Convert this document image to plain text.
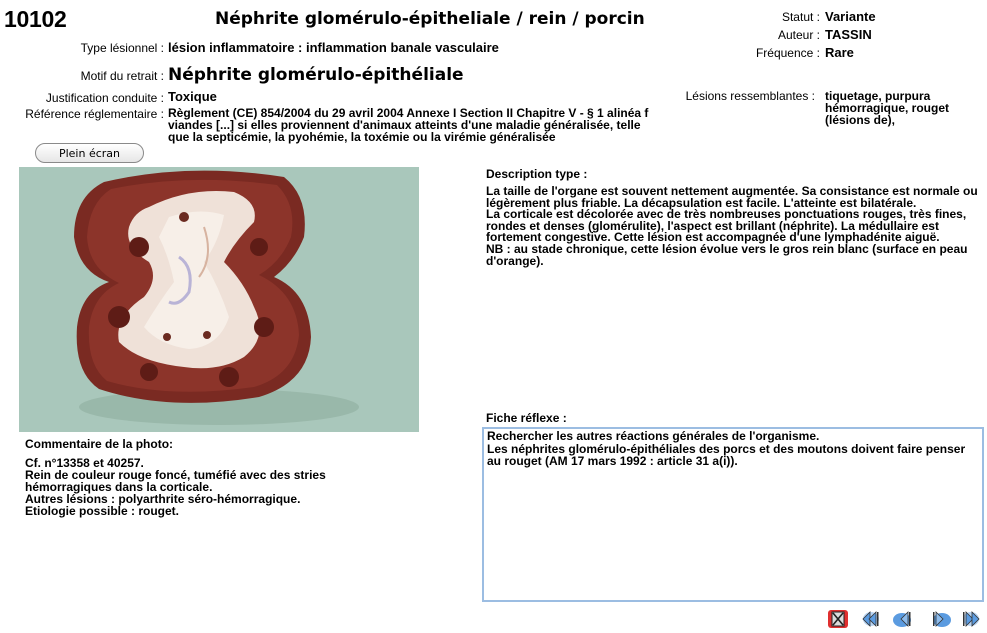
10102	Néphrite glomérulo-épitheliale / rein / porcin	Statut : Variante
Auteur : TASSIN
Fréquence : Rare
Type lésionnel : lésion inflammatoire : inflammation banale vasculaire
Motif du retrait : Néphrite glomérulo-épithéliale
Justification conduite : Toxique
Référence réglementaire : Règlement (CE) 854/2004 du 29 avril 2004 Annexe I Section II Chapitre V - § 1 alinéa f
viandes [...] si elles proviennent d'animaux atteints d'une maladie généralisée, telle
que la septicémie, la pyohémie, la toxémie ou la virémie généralisée
Lésions ressemblantes : tiquetage, purpura
hémorragique, rouget
(lésions de),
Plein écran
Commentaire de la photo:
Cf. n°13358 et 40257.
Rein de couleur rouge foncé, tuméfié avec des stries
hémorragiques dans la corticale.
Autres lésions : polyarthrite séro-hémorragique.
Etiologie possible : rouget.
Description type :
La taille de l'organe est souvent nettement augmentée. Sa consistance est normale ou
légèrement plus friable. La décapsulation est facile. L'atteinte est bilatérale.
La corticale est décolorée avec de très nombreuses ponctuations rouges, très fines,
rondes et denses (glomérulite), l'aspect est brillant (néphrite). La médullaire est
fortement congestive. Cette lésion est accompagnée d'une lymphadénite aiguë.
NB : au stade chronique, cette lésion évolue vers le gros rein blanc (surface en peau
d'orange).
Fiche réflexe :
Rechercher les autres réactions générales de l'organisme. Les néphrites glomérulo-épithéliales des porcs et des moutons doivent faire penser au rouget (AM 17 mars 1992 : article 31 a(i)).
